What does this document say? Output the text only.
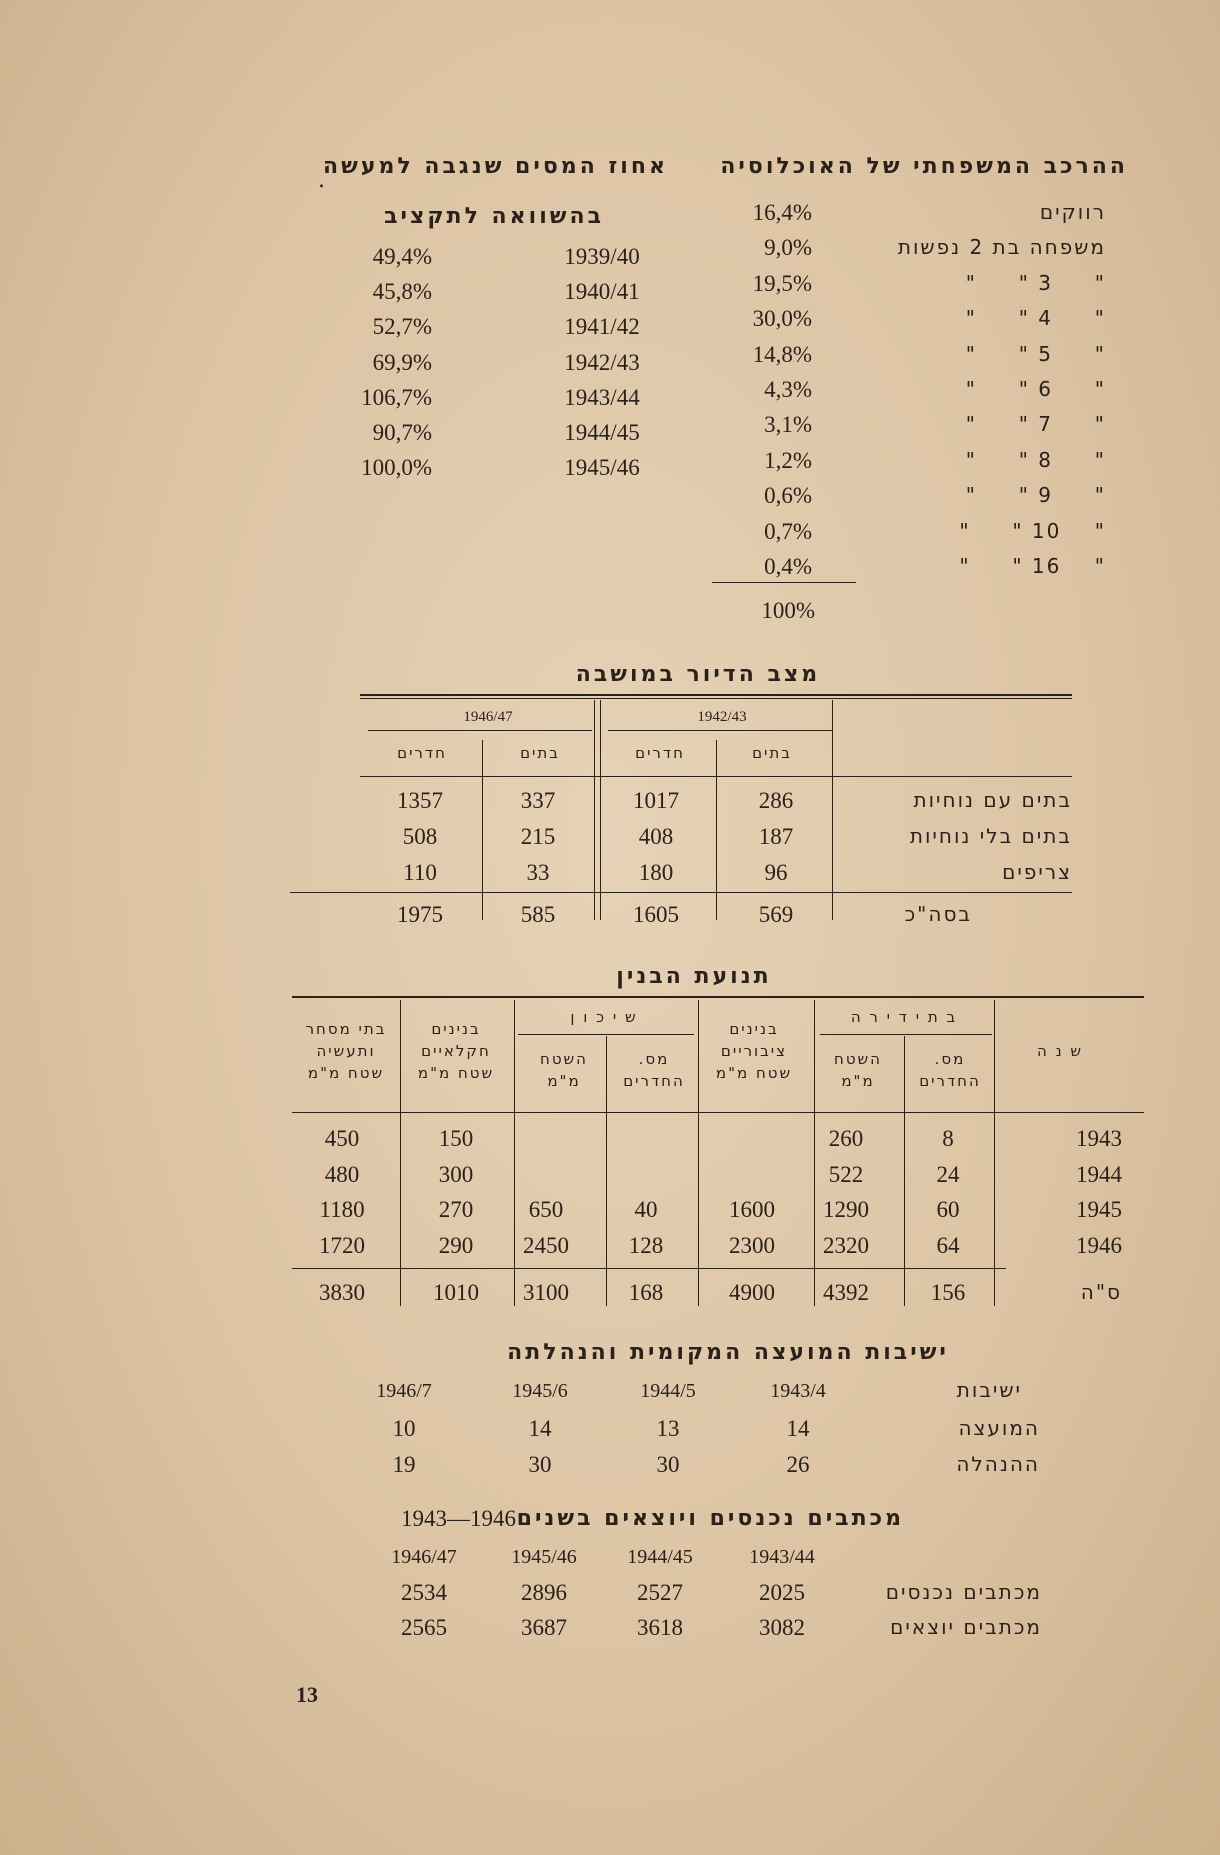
ההרכב המשפחתי של האוכלוסיה
רווקים
16,4%
משפחה בת 2 נפשות
9,0%
"     3 "     "
19,5%
"     4 "     "
30,0%
"     5 "     "
14,8%
"     6 "     "
4,3%
"     7 "     "
3,1%
"     8 "     "
1,2%
"     9 "     "
0,6%
"    10 "     "
0,7%
"    16 "     "
0,4%
100%
אחוז המסים שנגבה למעשה
.
בהשוואה לתקציב
1939/40
49,4%
1940/41
45,8%
1941/42
52,7%
1942/43
69,9%
1943/44
106,7%
1944/45
90,7%
1945/46
100,0%
מצב הדיור במושבה
1942/43
1946/47
בתים
חדרים
בתים
חדרים
בתים עם נוחיות
286
1017
337
1357
בתים בלי נוחיות
187
408
215
508
צריפים
96
180
33
110
בסה"כ
569
1605
585
1975
תנועת הבנין
ב ת י ד י ר ה
ש י כ ו ן
ש נ ה
מס.
החדרים
השטח
מ"מ
בנינים
ציבוריים
שטח מ"מ
מס.
החדרים
השטח
מ"מ
בנינים
חקלאיים
שטח מ"מ
בתי מסחר
ותעשיה
שטח מ"מ
1943
8
260
150
450
1944
24
522
300
480
1945
60
1290
1600
40
650
270
1180
1946
64
2320
2300
128
2450
290
1720
ס"ה
156
4392
4900
168
3100
1010
3830
ישיבות המועצה המקומית והנהלתה
ישיבות
1943/4
1944/5
1945/6
1946/7
המועצה
14
13
14
10
ההנהלה
26
30
30
19
מכתבים נכנסים ויוצאים בשנים
1943—1946
1943/44
1944/45
1945/46
1946/47
מכתבים נכנסים
2025
2527
2896
2534
מכתבים יוצאים
3082
3618
3687
2565
13
